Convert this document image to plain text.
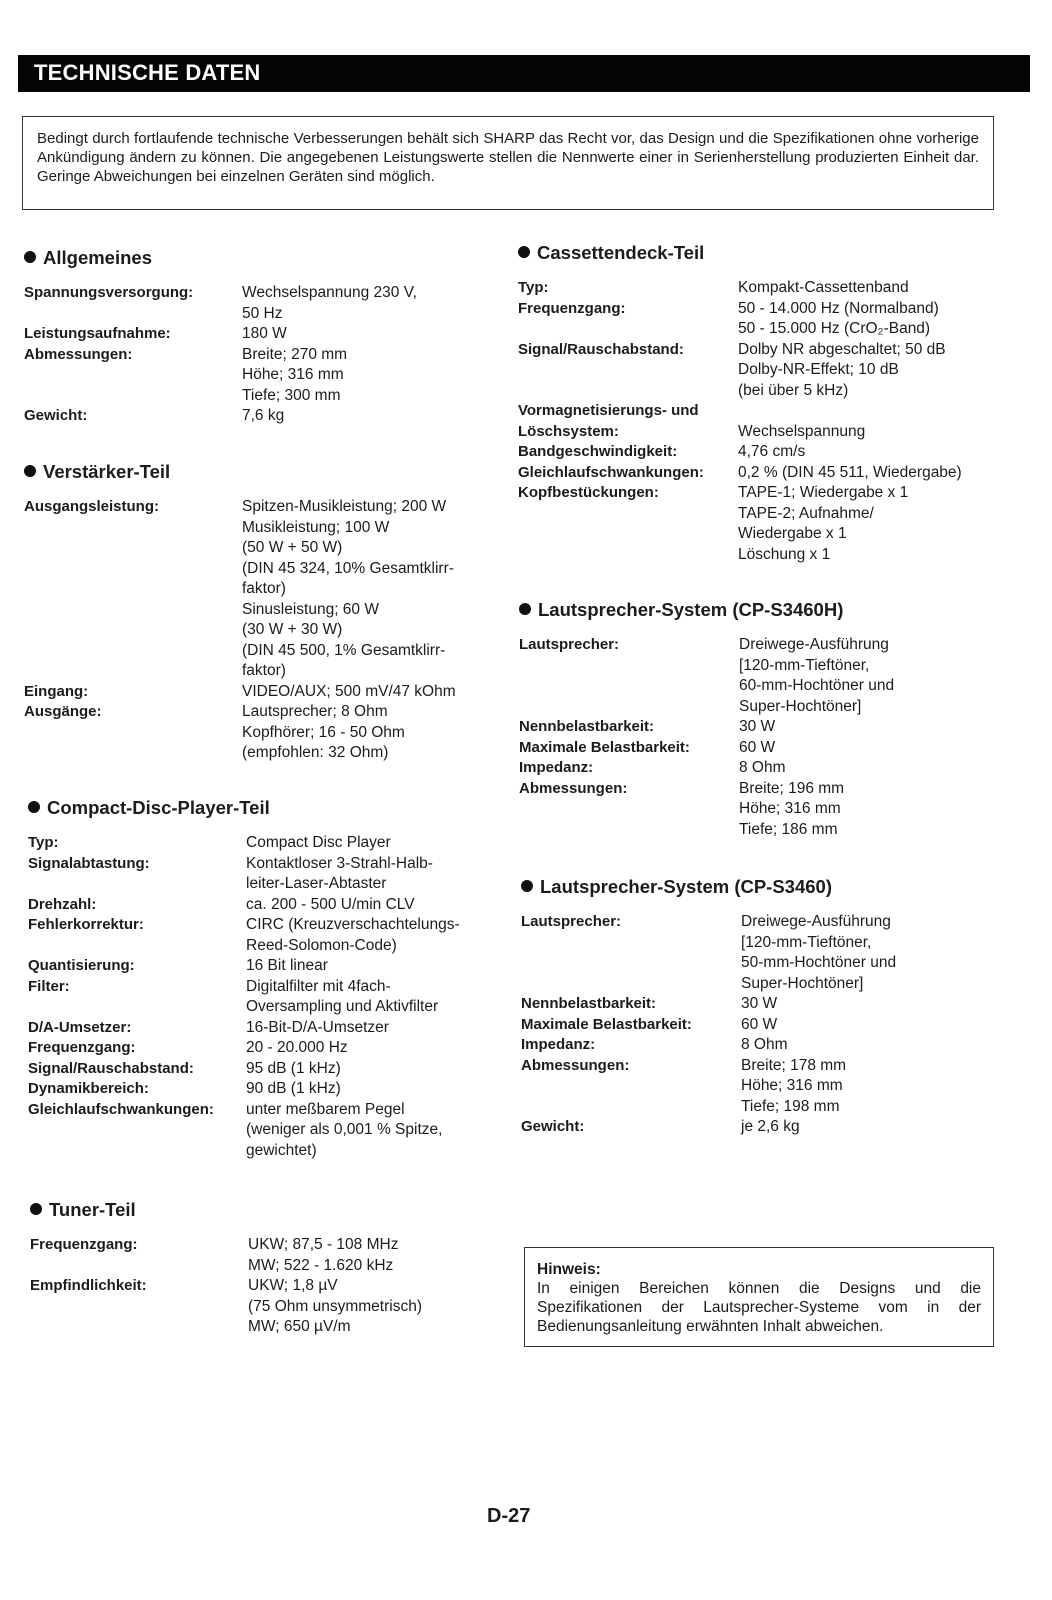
TECHNISCHE DATEN
Bedingt durch fortlaufende technische Verbesserungen behält sich SHARP das Recht vor, das Design und die Spezifikationen ohne vorherige Ankündigung ändern zu können. Die angegebenen Leistungswerte stellen die Nennwerte einer in Serienherstellung produzierten Einheit dar. Geringe Abweichungen bei einzelnen Geräten sind möglich.
Allgemeines
Spannungsversorgung:	Wechselspannung 230 V,
50 Hz
Leistungsaufnahme:	180 W
Abmessungen:	Breite; 270 mm
Höhe; 316 mm
Tiefe; 300 mm
Gewicht:	7,6 kg
Verstärker-Teil
Ausgangsleistung:	Spitzen-Musikleistung; 200 W
Musikleistung; 100 W
(50 W + 50 W)
(DIN 45 324, 10% Gesamtklirr-
faktor)
Sinusleistung; 60 W
(30 W + 30 W)
(DIN 45 500, 1% Gesamtklirr-
faktor)
Eingang:	VIDEO/AUX; 500 mV/47 kOhm
Ausgänge:	Lautsprecher; 8 Ohm
Kopfhörer; 16 - 50 Ohm
(empfohlen: 32 Ohm)
Compact-Disc-Player-Teil
Typ:	Compact Disc Player
Signalabtastung:	Kontaktloser 3-Strahl-Halb-
leiter-Laser-Abtaster
Drehzahl:	ca. 200 - 500 U/min CLV
Fehlerkorrektur:	CIRC (Kreuzverschachtelungs-
Reed-Solomon-Code)
Quantisierung:	16 Bit linear
Filter:	Digitalfilter mit 4fach-
Oversampling und Aktivfilter
D/A-Umsetzer:	16-Bit-D/A-Umsetzer
Frequenzgang:	20 - 20.000 Hz
Signal/Rauschabstand:	95 dB (1 kHz)
Dynamikbereich:	90 dB (1 kHz)
Gleichlaufschwankungen:	unter meßbarem Pegel
(weniger als 0,001 % Spitze,
gewichtet)
Tuner-Teil
Frequenzgang:	UKW; 87,5 - 108 MHz
MW; 522 - 1.620 kHz
Empfindlichkeit:	UKW; 1,8 µV
(75 Ohm unsymmetrisch)
MW; 650 µV/m
Cassettendeck-Teil
Typ:	Kompakt-Cassettenband
Frequenzgang:	50 - 14.000 Hz (Normalband)
50 - 15.000 Hz (CrO₂-Band)
Signal/Rauschabstand:	Dolby NR abgeschaltet; 50 dB
Dolby-NR-Effekt; 10 dB
(bei über 5 kHz)
Vormagnetisierungs- und
Löschsystem:	Wechselspannung
Bandgeschwindigkeit:	4,76 cm/s
Gleichlaufschwankungen:	0,2 % (DIN 45 511, Wiedergabe)
Kopfbestückungen:	TAPE-1; Wiedergabe x 1
TAPE-2; Aufnahme/
Wiedergabe x 1
Löschung x 1
Lautsprecher-System (CP-S3460H)
Lautsprecher:	Dreiwege-Ausführung
[120-mm-Tieftöner,
60-mm-Hochtöner und
Super-Hochtöner]
Nennbelastbarkeit:	30 W
Maximale Belastbarkeit:	60 W
Impedanz:	8 Ohm
Abmessungen:	Breite; 196 mm
Höhe; 316 mm
Tiefe; 186 mm
Lautsprecher-System (CP-S3460)
Lautsprecher:	Dreiwege-Ausführung
[120-mm-Tieftöner,
50-mm-Hochtöner und
Super-Hochtöner]
Nennbelastbarkeit:	30 W
Maximale Belastbarkeit:	60 W
Impedanz:	8 Ohm
Abmessungen:	Breite; 178 mm
Höhe; 316 mm
Tiefe; 198 mm
Gewicht:	je 2,6 kg
Hinweis:
In einigen Bereichen können die Designs und die Spezifikationen der Lautsprecher-Systeme vom in der Bedienungsanleitung erwähnten Inhalt abweichen.
D-27
